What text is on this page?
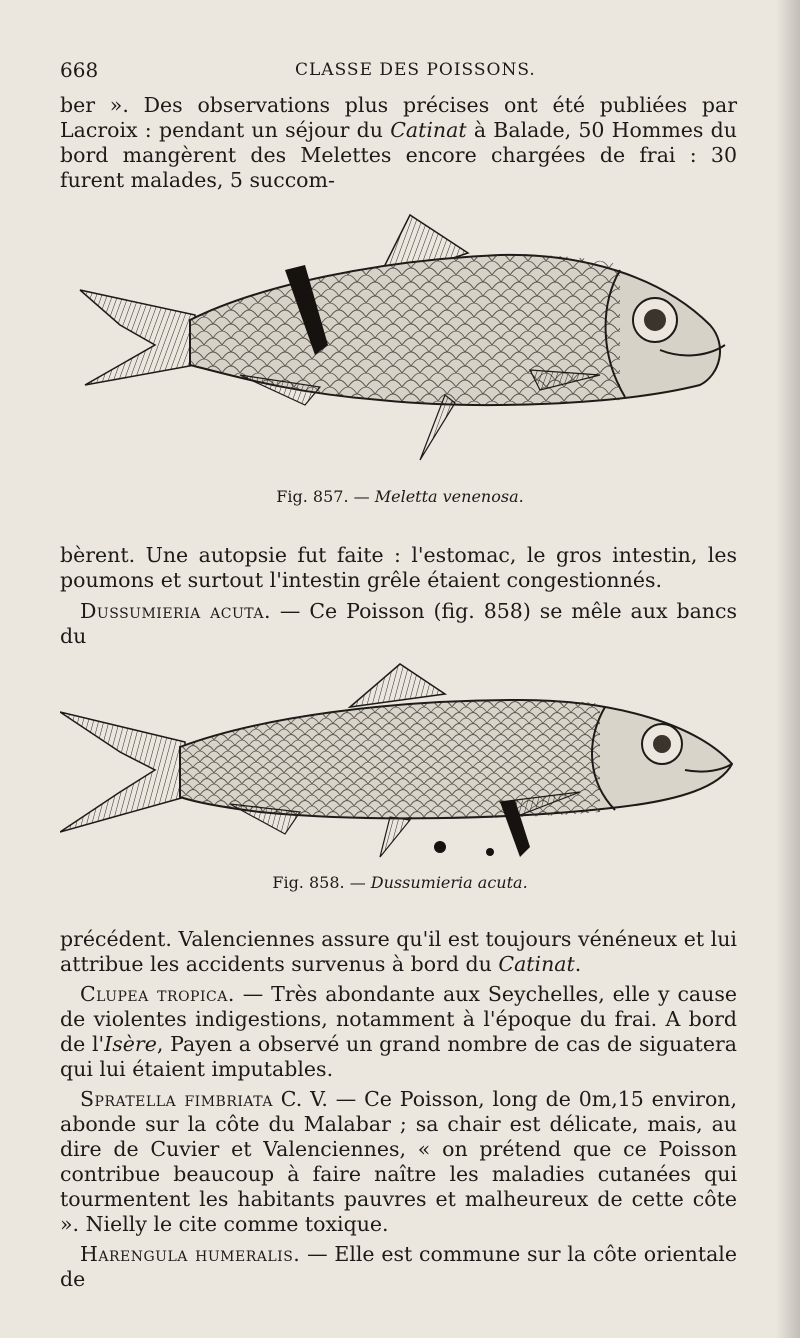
668	CLASSE DES POISSONS.

ber ». Des observations plus précises ont été publiées par Lacroix : pendant un séjour du Catinat à Balade, 50 Hommes du bord mangèrent des Melettes encore chargées de frai : 30 furent malades, 5 succom-

Fig. 857. — Meletta venenosa.

bèrent. Une autopsie fut faite : l'estomac, le gros intestin, les poumons et surtout l'intestin grêle étaient congestionnés.

Dussumieria acuta. — Ce Poisson (fig. 858) se mêle aux bancs du

Fig. 858. — Dussumieria acuta.

précédent. Valenciennes assure qu'il est toujours vénéneux et lui attribue les accidents survenus à bord du Catinat.

Clupea tropica. — Très abondante aux Seychelles, elle y cause de violentes indigestions, notamment à l'époque du frai. A bord de l'Isère, Payen a observé un grand nombre de cas de siguatera qui lui étaient imputables.

Spratella fimbriata C. V. — Ce Poisson, long de 0m,15 environ, abonde sur la côte du Malabar ; sa chair est délicate, mais, au dire de Cuvier et Valenciennes, « on prétend que ce Poisson contribue beaucoup à faire naître les maladies cutanées qui tourmentent les habitants pauvres et malheureux de cette côte ». Nielly le cite comme toxique.

Harengula humeralis. — Elle est commune sur la côte orientale de
